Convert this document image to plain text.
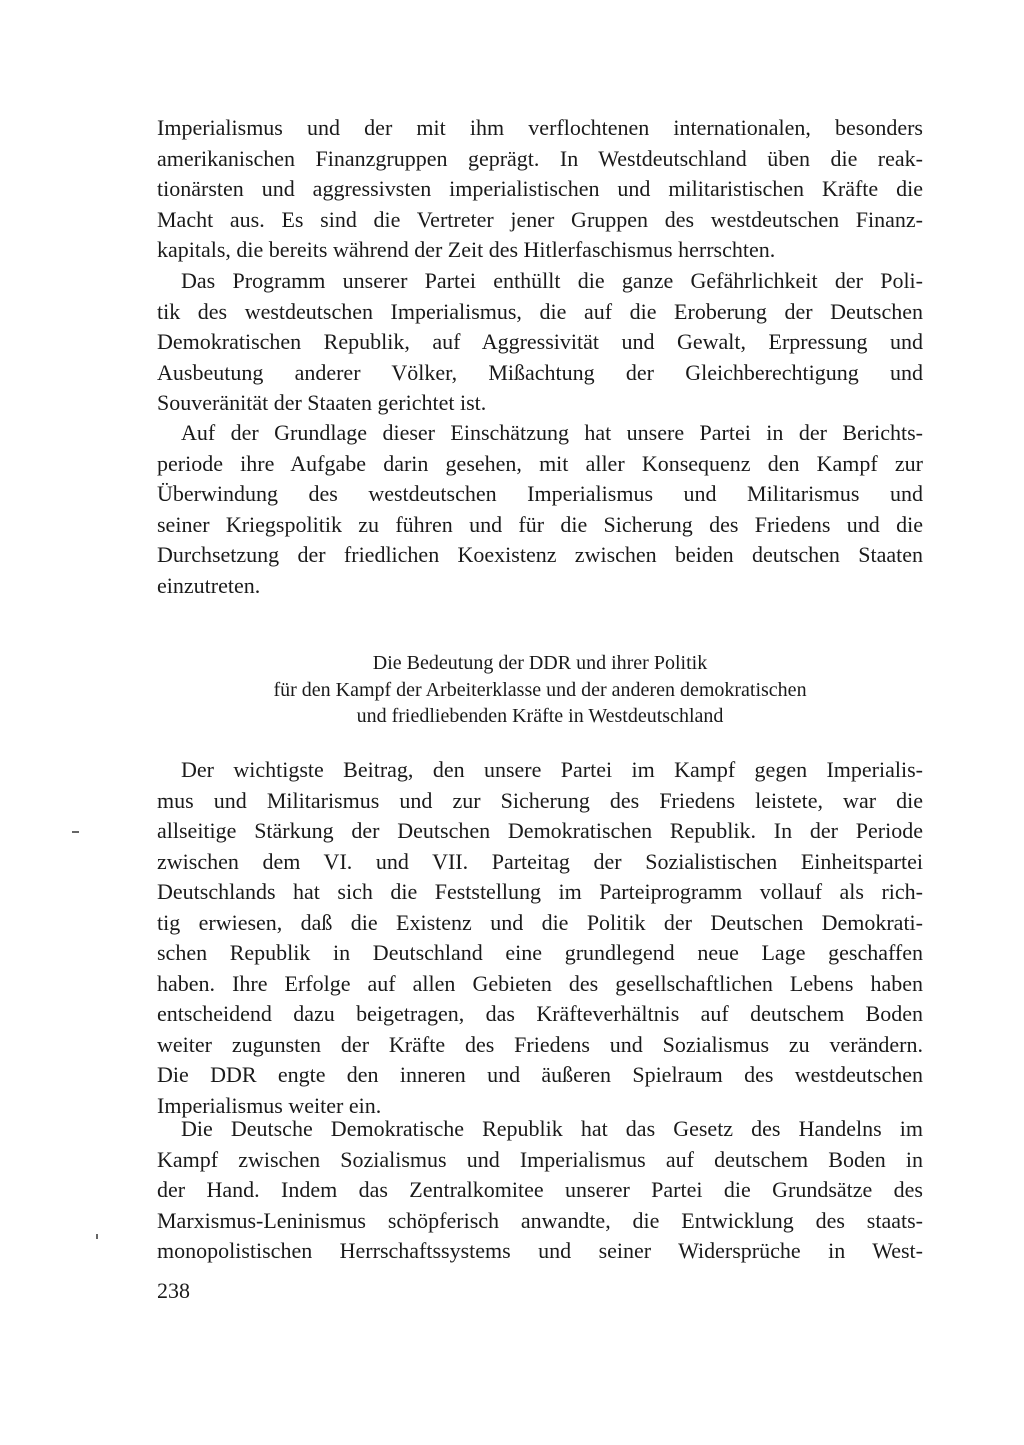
Imperialismus und der mit ihm verflochtenen internationalen, besonders
amerikanischen Finanzgruppen geprägt. In Westdeutschland üben die reak-
tionärsten und aggressivsten imperialistischen und militaristischen Kräfte die
Macht aus. Es sind die Vertreter jener Gruppen des westdeutschen Finanz-
kapitals, die bereits während der Zeit des Hitlerfaschismus herrschten.
Das Programm unserer Partei enthüllt die ganze Gefährlichkeit der Poli-
tik des westdeutschen Imperialismus, die auf die Eroberung der Deutschen
Demokratischen Republik, auf Aggressivität und Gewalt, Erpressung und
Ausbeutung anderer Völker, Mißachtung der Gleichberechtigung und
Souveränität der Staaten gerichtet ist.
Auf der Grundlage dieser Einschätzung hat unsere Partei in der Berichts-
periode ihre Aufgabe darin gesehen, mit aller Konsequenz den Kampf zur
Überwindung des westdeutschen Imperialismus und Militarismus und
seiner Kriegspolitik zu führen und für die Sicherung des Friedens und die
Durchsetzung der friedlichen Koexistenz zwischen beiden deutschen Staaten
einzutreten.
Die Bedeutung der DDR und ihrer Politik
für den Kampf der Arbeiterklasse und der anderen demokratischen
und friedliebenden Kräfte in Westdeutschland
Der wichtigste Beitrag, den unsere Partei im Kampf gegen Imperialis-
mus und Militarismus und zur Sicherung des Friedens leistete, war die
allseitige Stärkung der Deutschen Demokratischen Republik. In der Periode
zwischen dem VI. und VII. Parteitag der Sozialistischen Einheitspartei
Deutschlands hat sich die Feststellung im Parteiprogramm vollauf als rich-
tig erwiesen, daß die Existenz und die Politik der Deutschen Demokrati-
schen Republik in Deutschland eine grundlegend neue Lage geschaffen
haben. Ihre Erfolge auf allen Gebieten des gesellschaftlichen Lebens haben
entscheidend dazu beigetragen, das Kräfteverhältnis auf deutschem Boden
weiter zugunsten der Kräfte des Friedens und Sozialismus zu verändern.
Die DDR engte den inneren und äußeren Spielraum des westdeutschen
Imperialismus weiter ein.
Die Deutsche Demokratische Republik hat das Gesetz des Handelns im
Kampf zwischen Sozialismus und Imperialismus auf deutschem Boden in
der Hand. Indem das Zentralkomitee unserer Partei die Grundsätze des
Marxismus-Leninismus schöpferisch anwandte, die Entwicklung des staats-
monopolistischen Herrschaftssystems und seiner Widersprüche in West-
238
